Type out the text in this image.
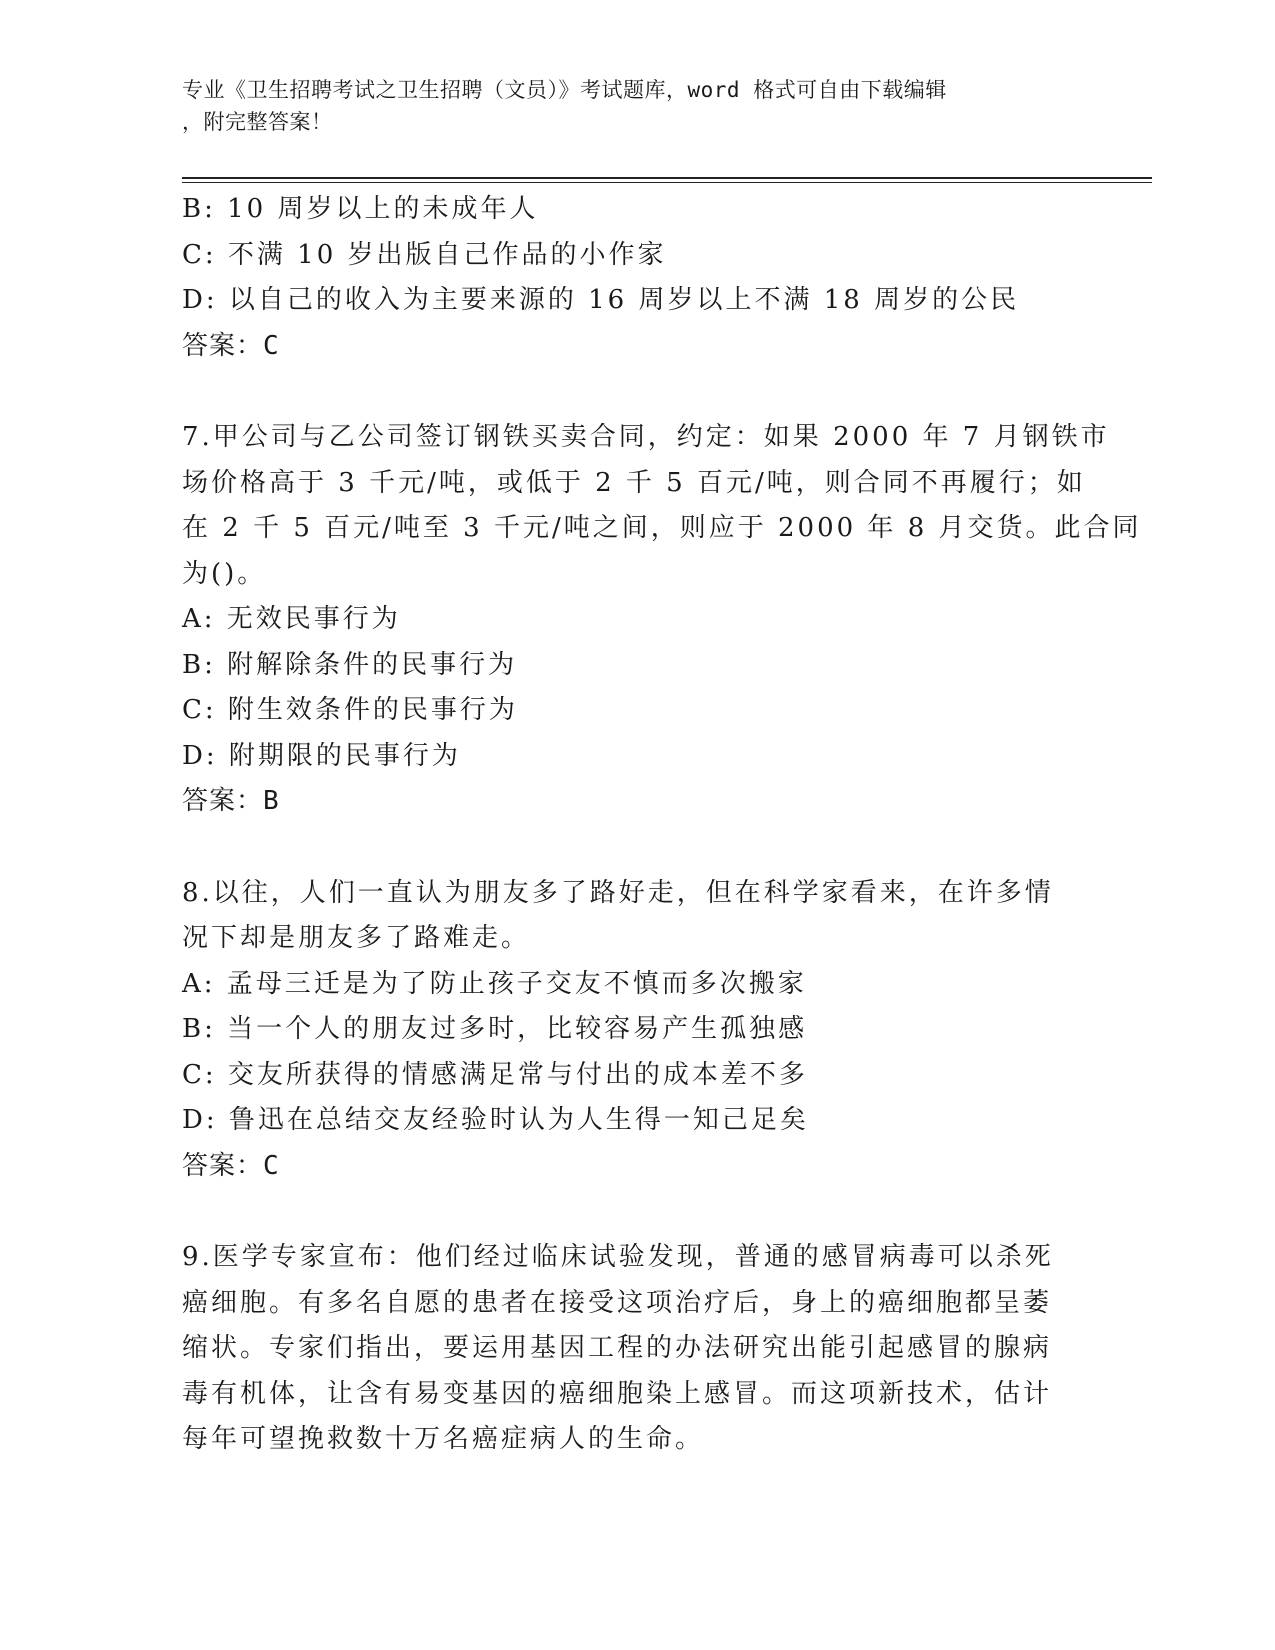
专业《卫生招聘考试之卫生招聘（文员）》考试题库，word 格式可自由下载编辑
，附完整答案！
B: 10 周岁以上的未成年人
C: 不满 10 岁出版自己作品的小作家
D: 以自己的收入为主要来源的 16 周岁以上不满 18 周岁的公民
答案：C
7.甲公司与乙公司签订钢铁买卖合同，约定：如果 2000 年 7 月钢铁市
场价格高于 3 千元/吨，或低于 2 千 5 百元/吨，则合同不再履行；如
在 2 千 5 百元/吨至 3 千元/吨之间，则应于 2000 年 8 月交货。此合同
为()。
A: 无效民事行为
B: 附解除条件的民事行为
C: 附生效条件的民事行为
D: 附期限的民事行为
答案：B
8.以往，人们一直认为朋友多了路好走，但在科学家看来，在许多情
况下却是朋友多了路难走。
A: 孟母三迁是为了防止孩子交友不慎而多次搬家
B: 当一个人的朋友过多时，比较容易产生孤独感
C: 交友所获得的情感满足常与付出的成本差不多
D: 鲁迅在总结交友经验时认为人生得一知己足矣
答案：C
9.医学专家宣布：他们经过临床试验发现，普通的感冒病毒可以杀死
癌细胞。有多名自愿的患者在接受这项治疗后，身上的癌细胞都呈萎
缩状。专家们指出，要运用基因工程的办法研究出能引起感冒的腺病
毒有机体，让含有易变基因的癌细胞染上感冒。而这项新技术，估计
每年可望挽救数十万名癌症病人的生命。
